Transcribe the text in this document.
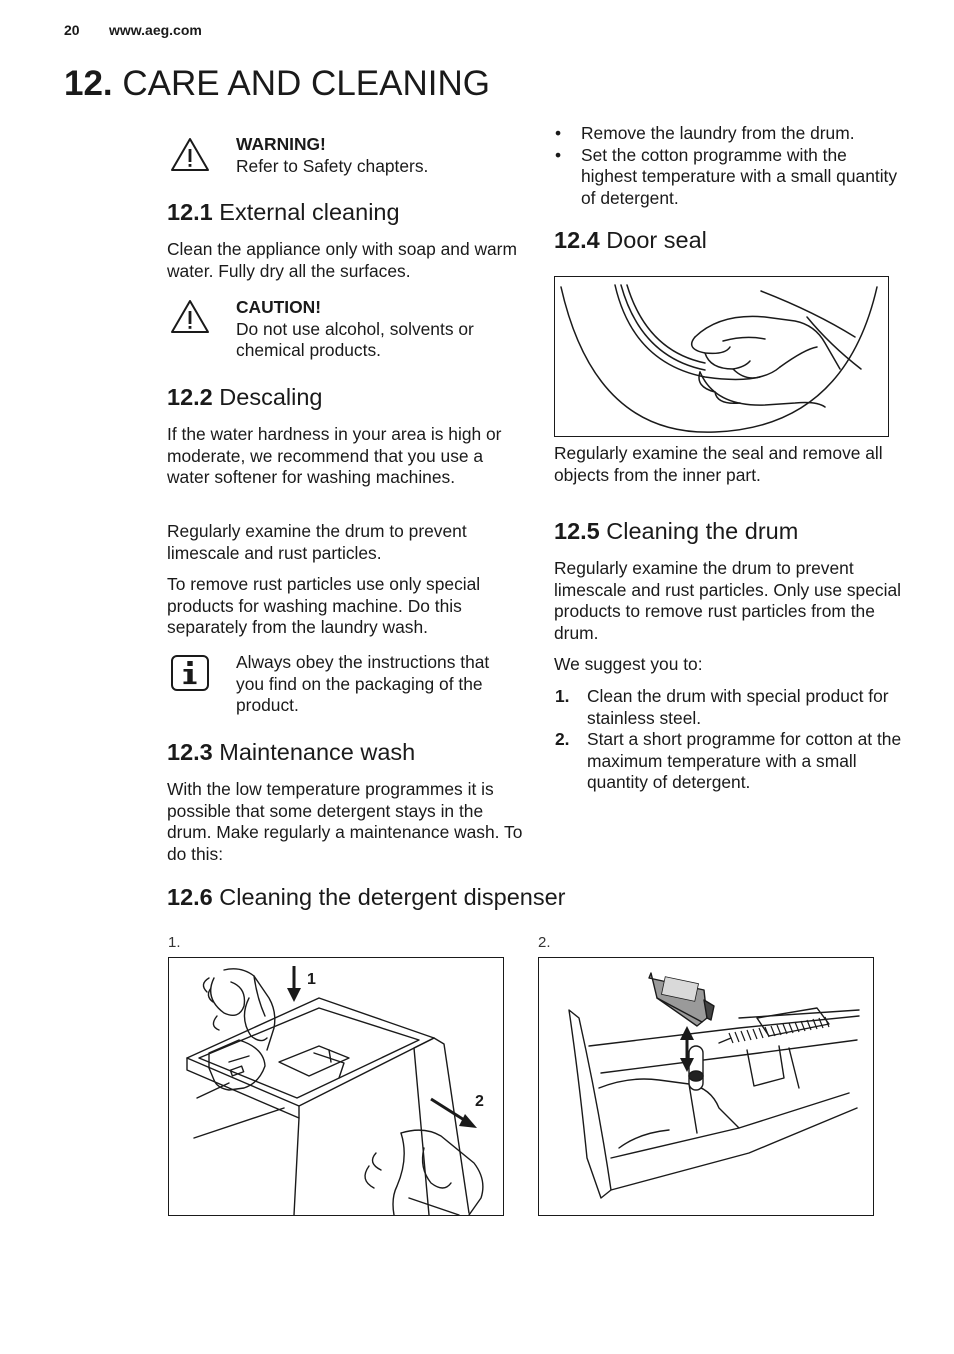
20 www.aeg.com
12. CARE AND CLEANING
WARNING!
Refer to Safety chapters.
12.1 External cleaning

Clean the appliance only with soap and warm water. Fully dry all the surfaces.

CAUTION!
Do not use alcohol, solvents or chemical products.
12.2 Descaling

If the water hardness in your area is high or moderate, we recommend that you use a water softener for washing machines.

Regularly examine the drum to prevent limescale and rust particles.

To remove rust particles use only special products for washing machine. Do this separately from the laundry wash.

Always obey the instructions that you find on the packaging of the product.

12.3 Maintenance wash

With the low temperature programmes it is possible that some detergent stays in the drum. Make regularly a maintenance wash. To do this:

• Remove the laundry from the drum.
• Set the cotton programme with the highest temperature with a small quantity of detergent.
12.4 Door seal

Regularly examine the seal and remove all objects from the inner part.

12.5 Cleaning the drum

Regularly examine the drum to prevent limescale and rust particles. Only use special products to remove rust particles from the drum.

We suggest you to:

1. Clean the drum with special product for stainless steel.
2. Start a short programme for cotton at the maximum temperature with a small quantity of detergent.
12.6 Cleaning the detergent dispenser
1.
1
2
2.
